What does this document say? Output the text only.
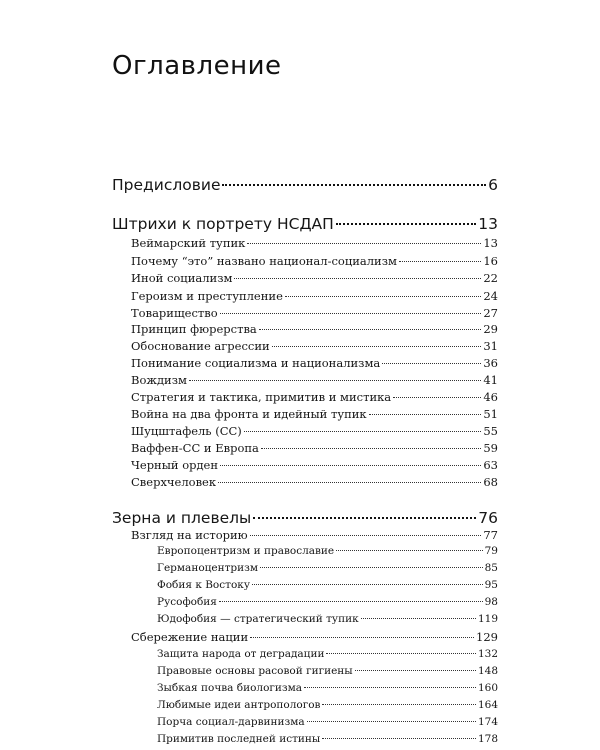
Оглавление
Предисловие	6
Штрихи к портрету НСДАП	13
Веймарский тупик	13
Почему “это” названо национал-социализм	16
Иной социализм	22
Героизм и преступление	24
Товарищество	27
Принцип фюрерства	29
Обоснование агрессии	31
Понимание социализма и национализма	36
Вождизм	41
Стратегия и тактика, примитив и мистика	46
Война на два фронта и идейный тупик	51
Шуцштафель (СС)	55
Ваффен-СС и Европа	59
Черный орден	63
Сверхчеловек	68
Зерна и плевелы	76
Взгляд на историю	77
Европоцентризм и православие	79
Германоцентризм	85
Фобия к Востоку	95
Русофобия	98
Юдофобия — стратегический тупик	119
Сбережение нации	129
Защита народа от деградации	132
Правовые основы расовой гигиены	148
Зыбкая почва биологизма	160
Любимые идеи антропологов	164
Порча социал-дарвинизма	174
Примитив последней истины	178
